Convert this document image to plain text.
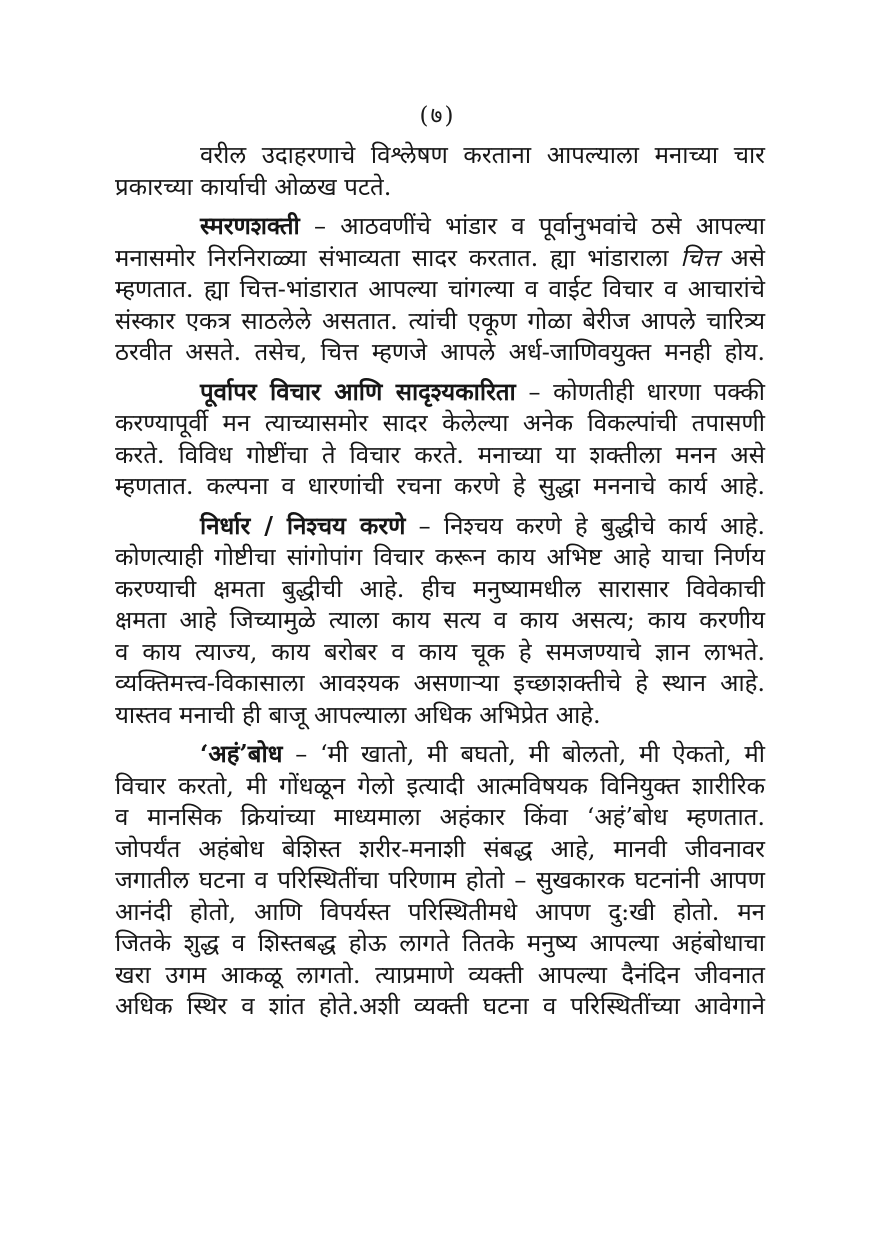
(७)
वरील उदाहरणाचे विश्लेषण करताना आपल्याला मनाच्या चार
प्रकारच्या कार्याची ओळख पटते.
स्मरणशक्ती – आठवणींचे भांडार व पूर्वानुभवांचे ठसे आपल्या
मनासमोर निरनिराळ्या संभाव्यता सादर करतात. ह्या भांडाराला चित्त असे
म्हणतात. ह्या चित्त-भांडारात आपल्या चांगल्या व वाईट विचार व आचारांचे
संस्कार एकत्र साठलेले असतात. त्यांची एकूण गोळा बेरीज आपले चारित्र्य
ठरवीत असते. तसेच, चित्त म्हणजे आपले अर्ध-जाणिवयुक्त मनही होय.
पूर्वापर विचार आणि सादृश्यकारिता – कोणतीही धारणा पक्की
करण्यापूर्वी मन त्याच्यासमोर सादर केलेल्या अनेक विकल्पांची तपासणी
करते. विविध गोष्टींचा ते विचार करते. मनाच्या या शक्तीला मनन असे
म्हणतात. कल्पना व धारणांची रचना करणे हे सुद्धा मननाचे कार्य आहे.
निर्धार / निश्चय करणे – निश्चय करणे हे बुद्धीचे कार्य आहे.
कोणत्याही गोष्टीचा सांगोपांग विचार करून काय अभिष्ट आहे याचा निर्णय
करण्याची क्षमता बुद्धीची आहे. हीच मनुष्यामधील सारासार विवेकाची
क्षमता आहे जिच्यामुळे त्याला काय सत्य व काय असत्य; काय करणीय
व काय त्याज्य, काय बरोबर व काय चूक हे समजण्याचे ज्ञान लाभते.
व्यक्तिमत्त्व-विकासाला आवश्यक असणाऱ्या इच्छाशक्तीचे हे स्थान आहे.
यास्तव मनाची ही बाजू आपल्याला अधिक अभिप्रेत आहे.
‘अहं’बोध – ‘मी खातो, मी बघतो, मी बोलतो, मी ऐकतो, मी
विचार करतो, मी गोंधळून गेलो इत्यादी आत्मविषयक विनियुक्त शारीरिक
व मानसिक क्रियांच्या माध्यमाला अहंकार किंवा ‘अहं’बोध म्हणतात.
जोपर्यंत अहंबोध बेशिस्त शरीर-मनाशी संबद्ध आहे, मानवी जीवनावर
जगातील घटना व परिस्थितींचा परिणाम होतो – सुखकारक घटनांनी आपण
आनंदी होतो, आणि विपर्यस्त परिस्थितीमधे आपण दु:खी होतो. मन
जितके शुद्ध व शिस्तबद्ध होऊ लागते तितके मनुष्य आपल्या अहंबोधाचा
खरा उगम आकळू लागतो. त्याप्रमाणे व्यक्ती आपल्या दैनंदिन जीवनात
अधिक स्थिर व शांत होते.अशी व्यक्ती घटना व परिस्थितींच्या आवेगाने
